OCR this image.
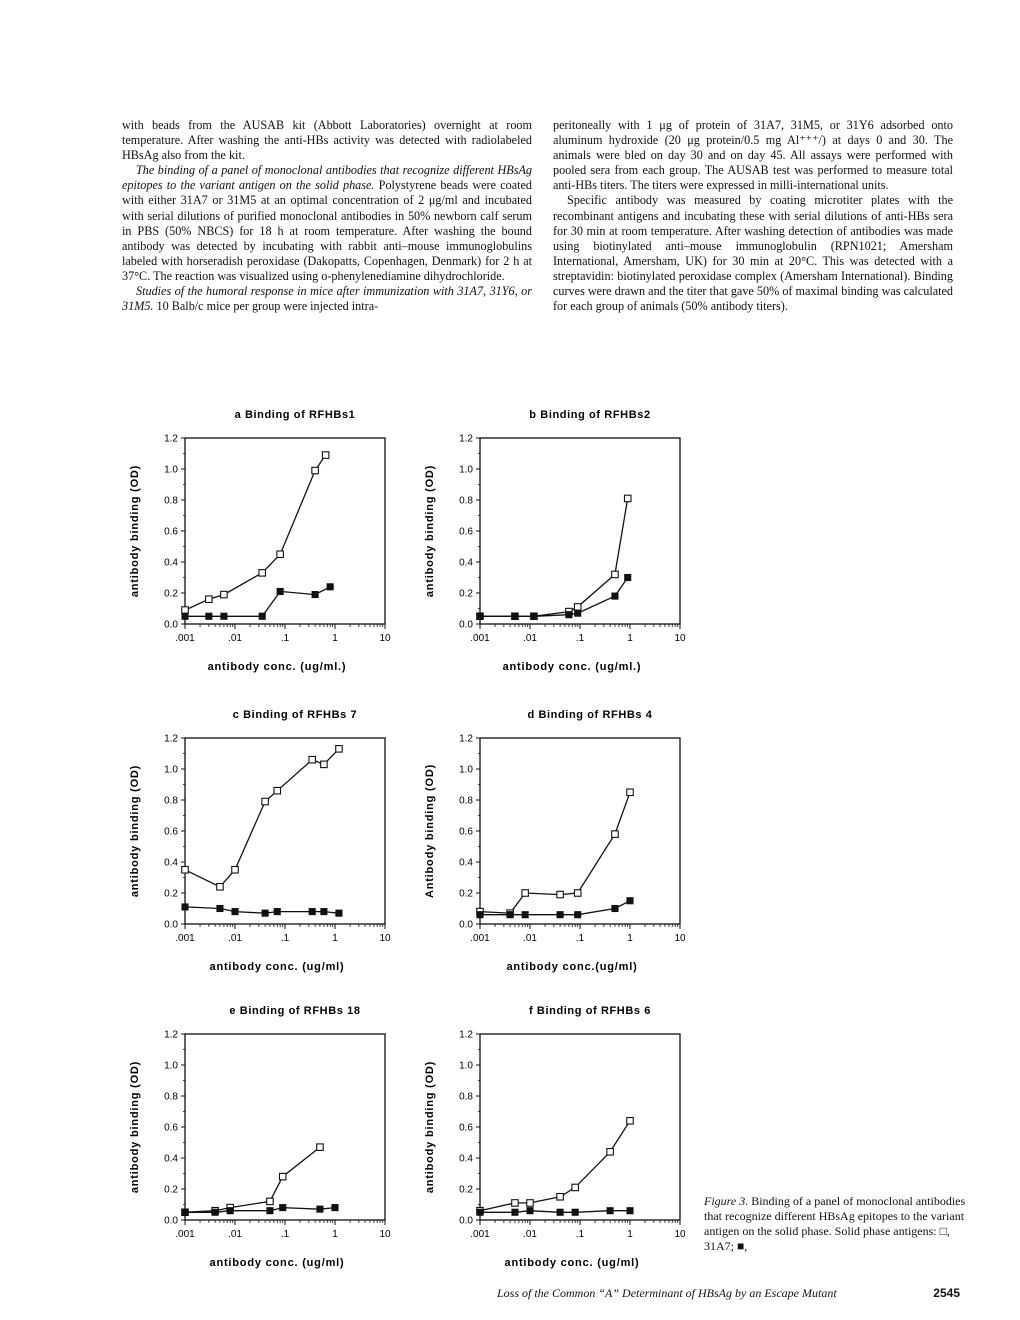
with beads from the AUSAB kit (Abbott Laboratories) overnight at room temperature. After washing the anti-HBs activity was detected with radiolabeled HBsAg also from the kit.

The binding of a panel of monoclonal antibodies that recognize different HBsAg epitopes to the variant antigen on the solid phase. Polystyrene beads were coated with either 31A7 or 31M5 at an optimal concentration of 2 μg/ml and incubated with serial dilutions of purified monoclonal antibodies in 50% newborn calf serum in PBS (50% NBCS) for 18 h at room temperature. After washing the bound antibody was detected by incubating with rabbit anti–mouse immunoglobulins labeled with horseradish peroxidase (Dakopatts, Copenhagen, Denmark) for 2 h at 37°C. The reaction was visualized using o-phenylenediamine dihydrochloride.

Studies of the humoral response in mice after immunization with 31A7, 31Y6, or 31M5. 10 Balb/c mice per group were injected intra-

peritoneally with 1 μg of protein of 31A7, 31M5, or 31Y6 adsorbed onto aluminum hydroxide (20 μg protein/0.5 mg Al⁺⁺⁺/) at days 0 and 30. The animals were bled on day 30 and on day 45. All assays were performed with pooled sera from each group. The AUSAB test was performed to measure total anti-HBs titers. The titers were expressed in milli-international units.

Specific antibody was measured by coating microtiter plates with the recombinant antigens and incubating these with serial dilutions of anti-HBs sera for 30 min at room temperature. After washing detection of antibodies was made using biotinylated anti–mouse immunoglobulin (RPN1021; Amersham International, Amersham, UK) for 30 min at 20°C. This was detected with a streptavidin: biotinylated peroxidase complex (Amersham International). Binding curves were drawn and the titer that gave 50% of maximal binding was calculated for each group of animals (50% antibody titers).

a Binding of RFHBs1
0.0
0.2
0.4
0.6
0.8
1.0
1.2
.001	.01	.1	1	10
antibody conc. (ug/ml.)
antibody binding (OD)
b Binding of RFHBs2
0.0
0.2
0.4
0.6
0.8
1.0
1.2
.001	.01	.1	1	10
antibody conc. (ug/ml.)
antibody binding (OD)
c Binding of RFHBs 7
0.0
0.2
0.4
0.6
0.8
1.0
1.2
.001	.01	.1	1	10
antibody conc. (ug/ml)
antibody binding (OD)
d Binding of RFHBs 4
0.0
0.2
0.4
0.6
0.8
1.0
1.2
.001	.01	.1	1	10
antibody conc.(ug/ml)
Antibody binding (OD)
e Binding of RFHBs 18
0.0
0.2
0.4
0.6
0.8
1.0
1.2
.001	.01	.1	1	10
antibody conc. (ug/ml)
antibody binding (OD)
f Binding of RFHBs 6
0.0
0.2
0.4
0.6
0.8
1.0
1.2
.001	.01	.1	1	10
antibody conc. (ug/ml)
antibody binding (OD)
Figure 3. Binding of a panel of monoclonal antibodies that recognize different HBsAg epitopes to the variant antigen on the solid phase. Solid phase antigens: □, 31A7; ■,
Loss of the Common “A” Determinant of HBsAg by an Escape Mutant	2545
